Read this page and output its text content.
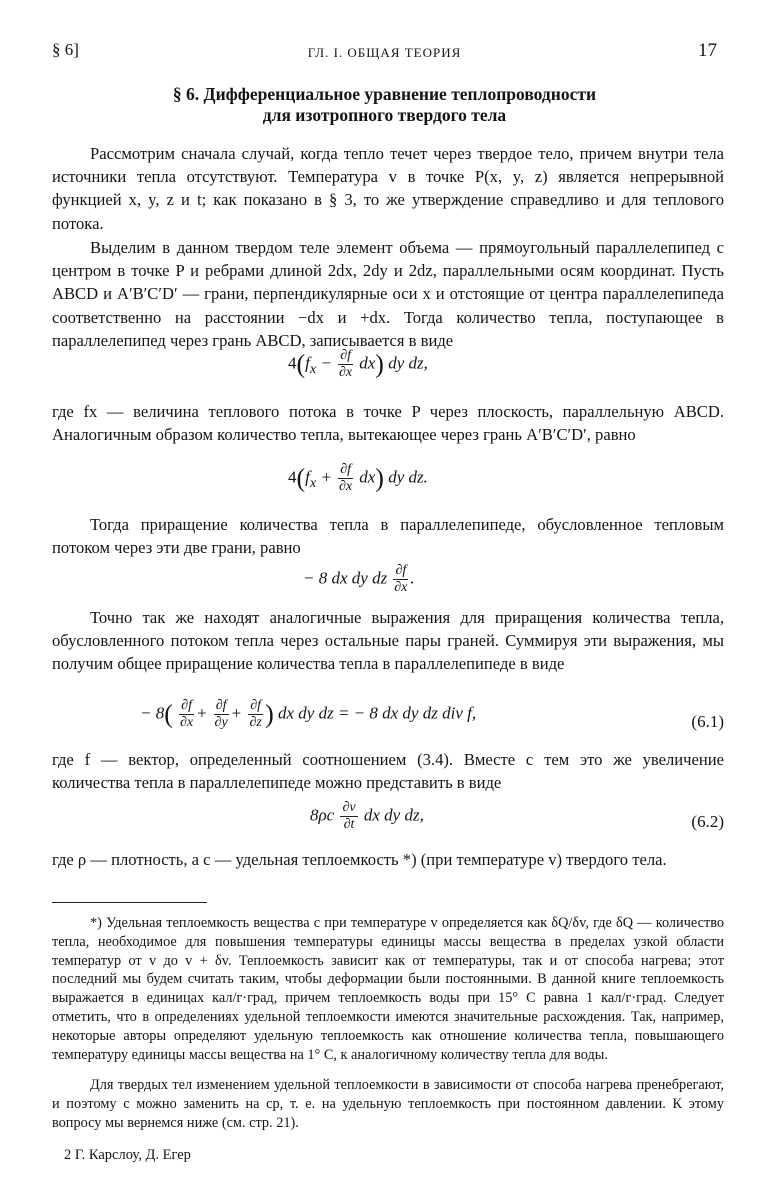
§ 6]	ГЛ. I. ОБЩАЯ ТЕОРИЯ	17
§ 6. Дифференциальное уравнение теплопроводности
для изотропного твердого тела

Рассмотрим сначала случай, когда тепло течет через твердое тело, причем внутри тела источники тепла отсутствуют. Температура v в точке P(x, y, z) является непрерывной функцией x, y, z и t; как показано в § 3, то же утверждение справедливо и для теплового потока.

Выделим в данном твердом теле элемент объема — прямоугольный параллелепипед с центром в точке P и ребрами длиной 2dx, 2dy и 2dz, параллельными осям координат. Пусть ABCD и A′B′C′D′ — грани, перпендикулярные оси x и отстоящие от центра параллелепипеда соответственно на расстоянии −dx и +dx. Тогда количество тепла, поступающее в параллелепипед через грань ABCD, записывается в виде

$4(f_x - \frac{\partial f}{\partial x} dx)$ dy dz,

где fx — величина теплового потока в точке P через плоскость, параллельную ABCD. Аналогичным образом количество тепла, вытекающее через грань A′B′C′D′, равно

$4(f_x + \frac{\partial f}{\partial x} dx)$ dy dz.

Тогда приращение количества тепла в параллелепипеде, обусловленное тепловым потоком через эти две грани, равно

− 8 dx dy dz $\frac{\partial f}{\partial x}$ .

Точно так же находят аналогичные выражения для приращения количества тепла, обусловленного потоком тепла через остальные пары граней. Суммируя эти выражения, мы получим общее приращение количества тепла в параллелепипеде в виде

− $8( \frac{\partial f}{\partial x} + \frac{\partial f}{\partial y} + \frac{\partial f}{\partial z}$ ) dx dy dz = − 8 dx dy dz div f,	(6.1)

где f — вектор, определенный соотношением (3.4). Вместе с тем это же увеличение количества тепла в параллелепипеде можно представить в виде

$8\rho c \frac{\partial v}{\partial t}$ dx dy dz,	(6.2)

где ρ — плотность, а c — удельная теплоемкость *) (при температуре v) твердого тела.

*) Удельная теплоемкость вещества c при температуре v определяется как δQ/δv, где δQ — количество тепла, необходимое для повышения температуры единицы массы вещества в пределах узкой области температур от v до v + δv. Теплоемкость зависит как от температуры, так и от способа нагрева; этот последний мы будем считать таким, чтобы деформации были постоянными. В данной книге теплоемкость выражается в единицах кал/г·град, причем теплоемкость воды при 15° С равна 1 кал/г·град. Следует отметить, что в определениях удельной теплоемкости имеются значительные расхождения. Так, например, некоторые авторы определяют удельную теплоемкость как отношение количества тепла, повышающего температуру единицы массы вещества на 1° С, к аналогичному количеству тепла для воды.

Для твердых тел изменением удельной теплоемкости в зависимости от способа нагрева пренебрегают, и поэтому c можно заменить на cp, т. е. на удельную теплоемкость при постоянном давлении. К этому вопросу мы вернемся ниже (см. стр. 21).

2 Г. Карслоу, Д. Егер
